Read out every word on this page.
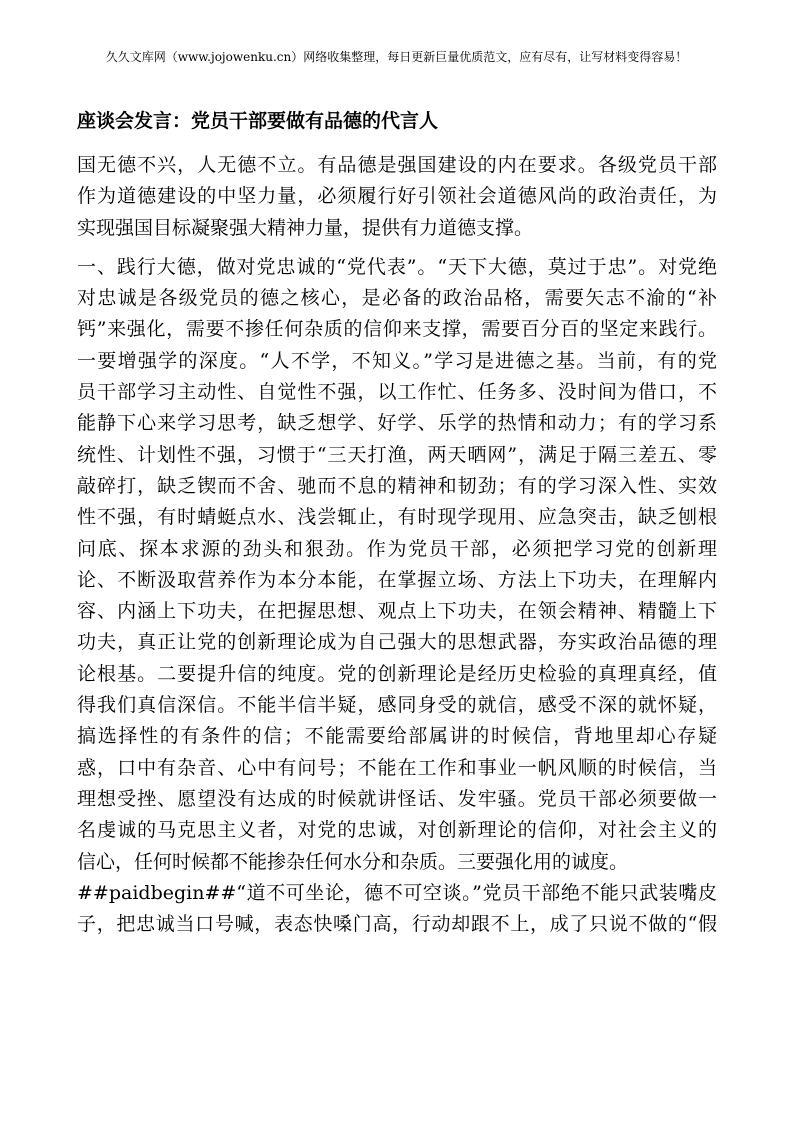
久久文库网（www.jojowenku.cn）网络收集整理，每日更新巨量优质范文，应有尽有，让写材料变得容易！
座谈会发言：党员干部要做有品德的代言人
国无德不兴，人无德不立。有品德是强国建设的内在要求。各级党员干部
作为道德建设的中坚力量，必须履行好引领社会道德风尚的政治责任，为
实现强国目标凝聚强大精神力量，提供有力道德支撑。
一、践行大德，做对党忠诚的“党代表”。“天下大德，莫过于忠”。对党绝
对忠诚是各级党员的德之核心，是必备的政治品格，需要矢志不渝的“补
钙”来强化，需要不掺任何杂质的信仰来支撑，需要百分百的坚定来践行。
一要增强学的深度。“人不学，不知义。”学习是进德之基。当前，有的党
员干部学习主动性、自觉性不强，以工作忙、任务多、没时间为借口，不
能静下心来学习思考，缺乏想学、好学、乐学的热情和动力；有的学习系
统性、计划性不强，习惯于“三天打渔，两天晒网”，满足于隔三差五、零
敲碎打，缺乏锲而不舍、驰而不息的精神和韧劲；有的学习深入性、实效
性不强，有时蜻蜓点水、浅尝辄止，有时现学现用、应急突击，缺乏刨根
问底、探本求源的劲头和狠劲。作为党员干部，必须把学习党的创新理
论、不断汲取营养作为本分本能，在掌握立场、方法上下功夫，在理解内
容、内涵上下功夫，在把握思想、观点上下功夫，在领会精神、精髓上下
功夫，真正让党的创新理论成为自己强大的思想武器，夯实政治品德的理
论根基。二要提升信的纯度。党的创新理论是经历史检验的真理真经，值
得我们真信深信。不能半信半疑，感同身受的就信，感受不深的就怀疑，
搞选择性的有条件的信；不能需要给部属讲的时候信，背地里却心存疑
惑，口中有杂音、心中有问号；不能在工作和事业一帆风顺的时候信，当
理想受挫、愿望没有达成的时候就讲怪话、发牢骚。党员干部必须要做一
名虔诚的马克思主义者，对党的忠诚，对创新理论的信仰，对社会主义的
信心，任何时候都不能掺杂任何水分和杂质。三要强化用的诚度。
##paidbegin##“道不可坐论，德不可空谈。”党员干部绝不能只武装嘴皮
子，把忠诚当口号喊，表态快嗓门高，行动却跟不上，成了只说不做的“假
